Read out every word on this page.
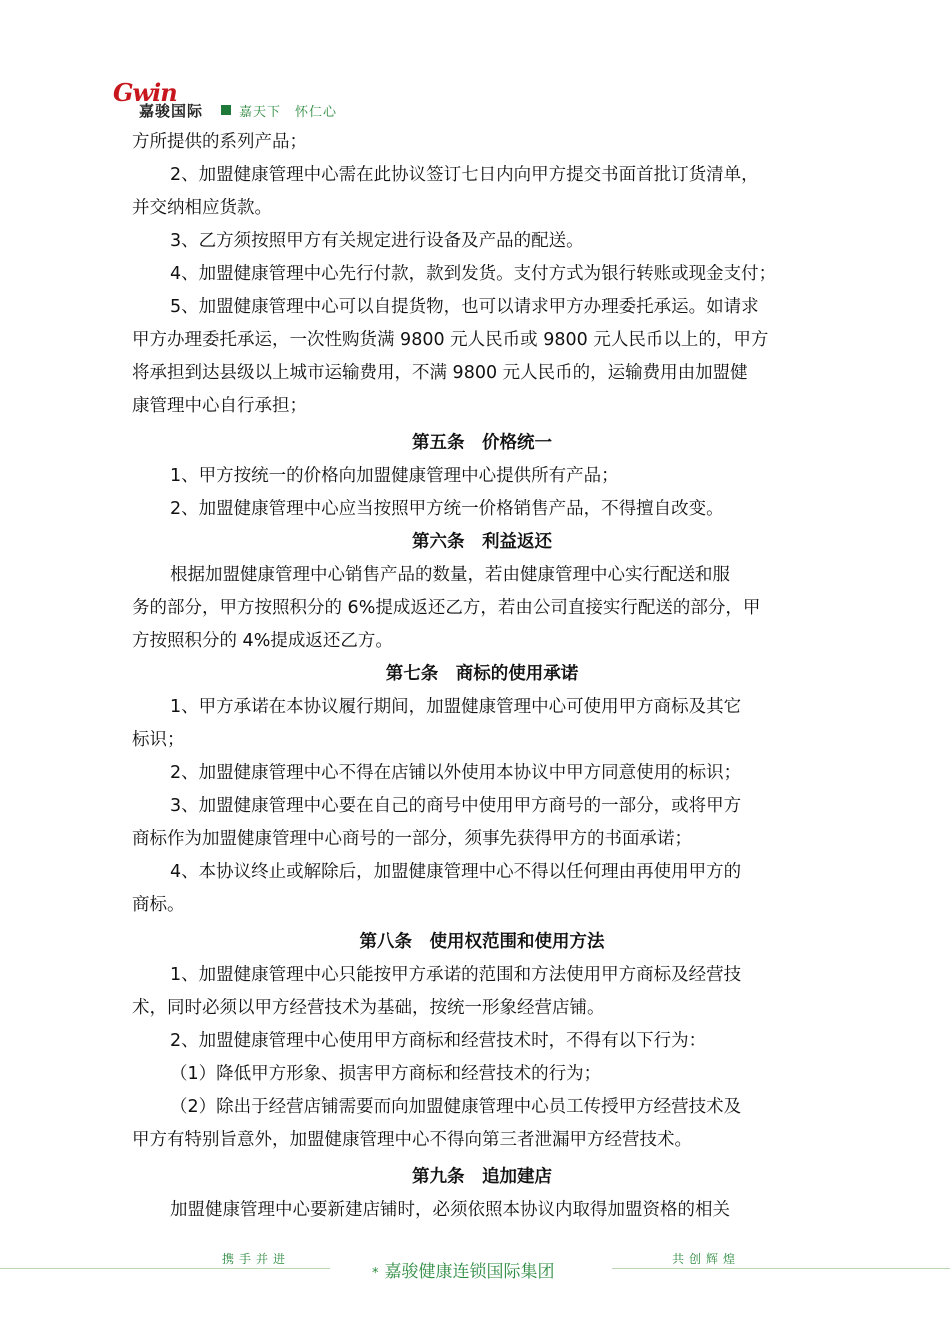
Gwin
嘉骏国际	嘉天下　怀仁心
方所提供的系列产品；
2、加盟健康管理中心需在此协议签订七日内向甲方提交书面首批订货清单，
并交纳相应货款。
3、乙方须按照甲方有关规定进行设备及产品的配送。
4、加盟健康管理中心先行付款，款到发货。支付方式为银行转账或现金支付；
5、加盟健康管理中心可以自提货物，也可以请求甲方办理委托承运。如请求
甲方办理委托承运，一次性购货满 9800 元人民币或 9800 元人民币以上的，甲方
将承担到达县级以上城市运输费用，不满 9800 元人民币的，运输费用由加盟健
康管理中心自行承担；
第五条　价格统一
1、甲方按统一的价格向加盟健康管理中心提供所有产品；
2、加盟健康管理中心应当按照甲方统一价格销售产品，不得擅自改变。
第六条　利益返还
根据加盟健康管理中心销售产品的数量，若由健康管理中心实行配送和服
务的部分，甲方按照积分的 6%提成返还乙方，若由公司直接实行配送的部分，甲
方按照积分的 4%提成返还乙方。
第七条　商标的使用承诺
1、甲方承诺在本协议履行期间，加盟健康管理中心可使用甲方商标及其它
标识；
2、加盟健康管理中心不得在店铺以外使用本协议中甲方同意使用的标识；
3、加盟健康管理中心要在自己的商号中使用甲方商号的一部分，或将甲方
商标作为加盟健康管理中心商号的一部分，须事先获得甲方的书面承诺；
4、本协议终止或解除后，加盟健康管理中心不得以任何理由再使用甲方的
商标。
第八条　使用权范围和使用方法
1、加盟健康管理中心只能按甲方承诺的范围和方法使用甲方商标及经营技
术，同时必须以甲方经营技术为基础，按统一形象经营店铺。
2、加盟健康管理中心使用甲方商标和经营技术时，不得有以下行为：
（1）降低甲方形象、损害甲方商标和经营技术的行为；
（2）除出于经营店铺需要而向加盟健康管理中心员工传授甲方经营技术及
甲方有特别旨意外，加盟健康管理中心不得向第三者泄漏甲方经营技术。
第九条　追加建店
加盟健康管理中心要新建店铺时，必须依照本协议内取得加盟资格的相关
携手并进	共创辉煌
* 嘉骏健康连锁国际集团
